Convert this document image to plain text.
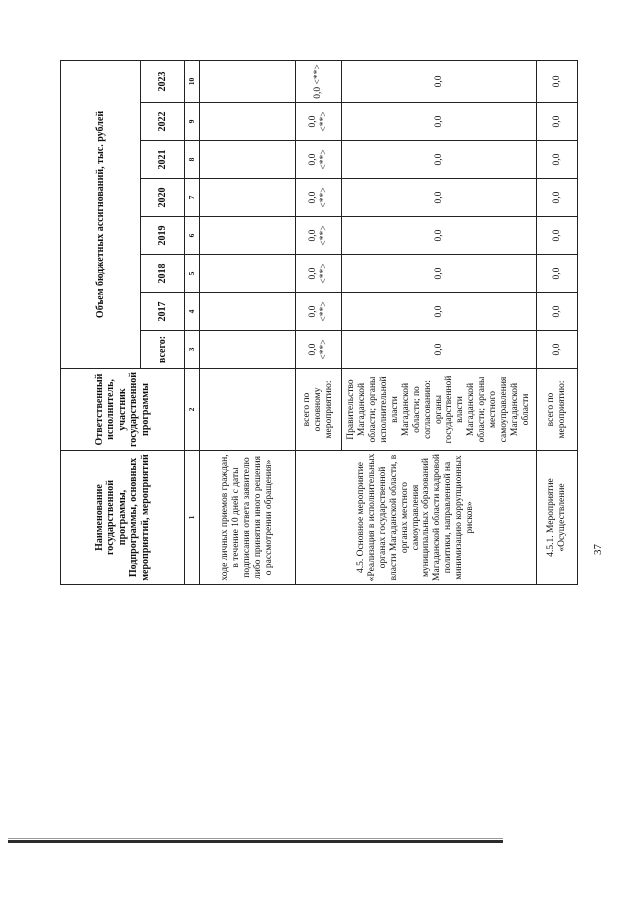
37
Наименование государственной программы, Подпрограммы, основных мероприятий, мероприятий	Ответственный исполнитель, участник государственной программы	Объем бюджетных ассигнований, тыс. рублей							
		всего:	2017	2018	2019	2020	2021	2022	2023
1	2	3	4	5	6	7	8	9	10
ходе личных приемов граждан, в течение 10 дней с даты подписания ответа заявителю либо принятия иного решения о рассмотрении обращения»									
4.5. Основное мероприятие «Реализация в исполнительных органах государственной власти Магаданской области, в органах местного самоуправления муниципальных образований Магаданской области кадровой политики, направленной на минимизацию коррупционных рисков»	всего по основному мероприятию:	0,0 <**>	0,0 <**>	0,0 <**>	0,0 <**>	0,0 <**>	0,0 <**>	0,0 <**>	0,0 <**>
	Правительство Магаданской области; органы исполнительной власти Магаданской области; по согласованию: органы государственной власти Магаданской области; органы местного самоуправления Магаданской области	0,0	0,0	0,0	0,0	0,0	0,0	0,0	0,0
4.5.1. Мероприятие «Осуществление	всего по мероприятию:	0,0	0,0	0,0	0,0	0,0	0,0	0,0	0,0
